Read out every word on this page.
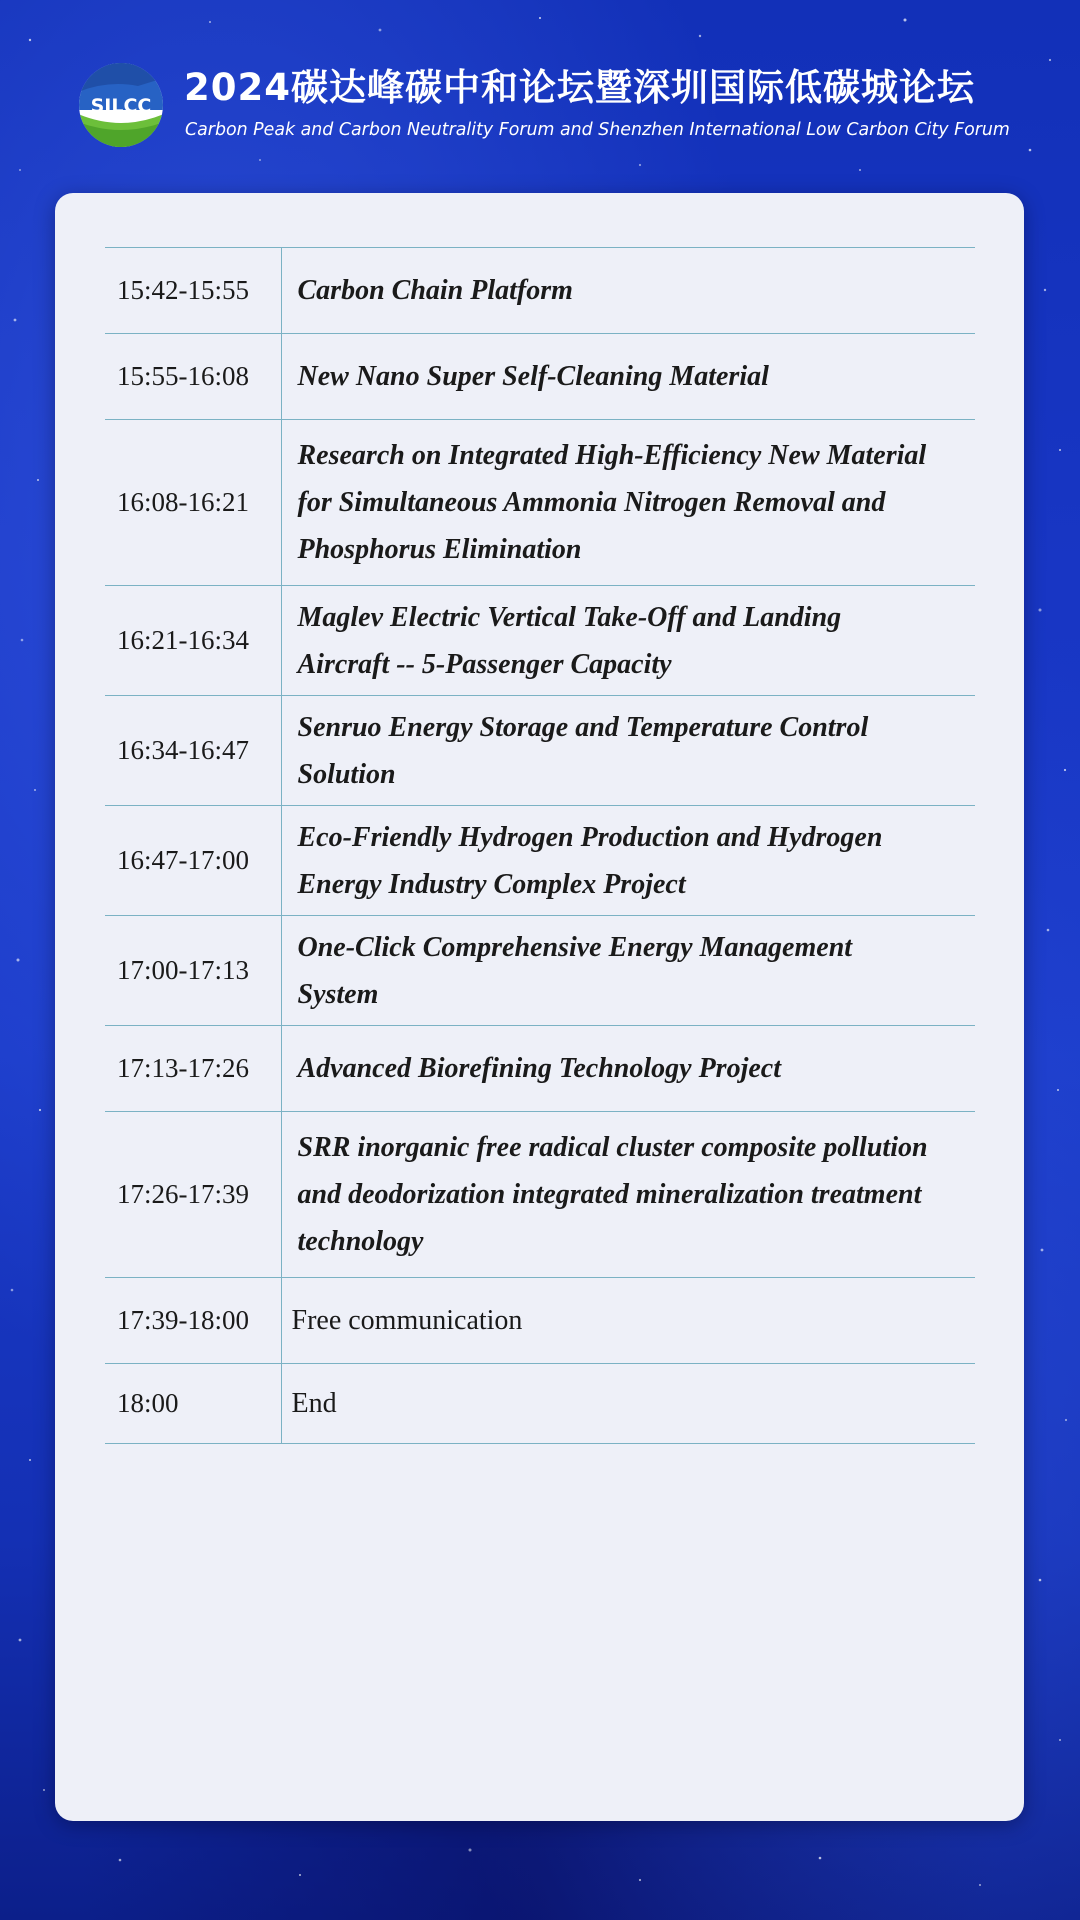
SILCC 2024碳达峰碳中和论坛暨深圳国际低碳城论坛
Carbon Peak and Carbon Neutrality Forum and Shenzhen International Low Carbon City Forum
15:42-15:55	Carbon Chain Platform
15:55-16:08	New Nano Super Self-Cleaning Material
16:08-16:21	Research on Integrated High-Efficiency New Material for Simultaneous Ammonia Nitrogen Removal and Phosphorus Elimination
16:21-16:34	Maglev Electric Vertical Take-Off and Landing Aircraft -- 5-Passenger Capacity
16:34-16:47	Senruo Energy Storage and Temperature Control Solution
16:47-17:00	Eco-Friendly Hydrogen Production and Hydrogen Energy Industry Complex Project
17:00-17:13	One-Click Comprehensive Energy Management System
17:13-17:26	Advanced Biorefining Technology Project
17:26-17:39	SRR inorganic free radical cluster composite pollution and deodorization integrated mineralization treatment technology
17:39-18:00	Free communication
18:00	End
